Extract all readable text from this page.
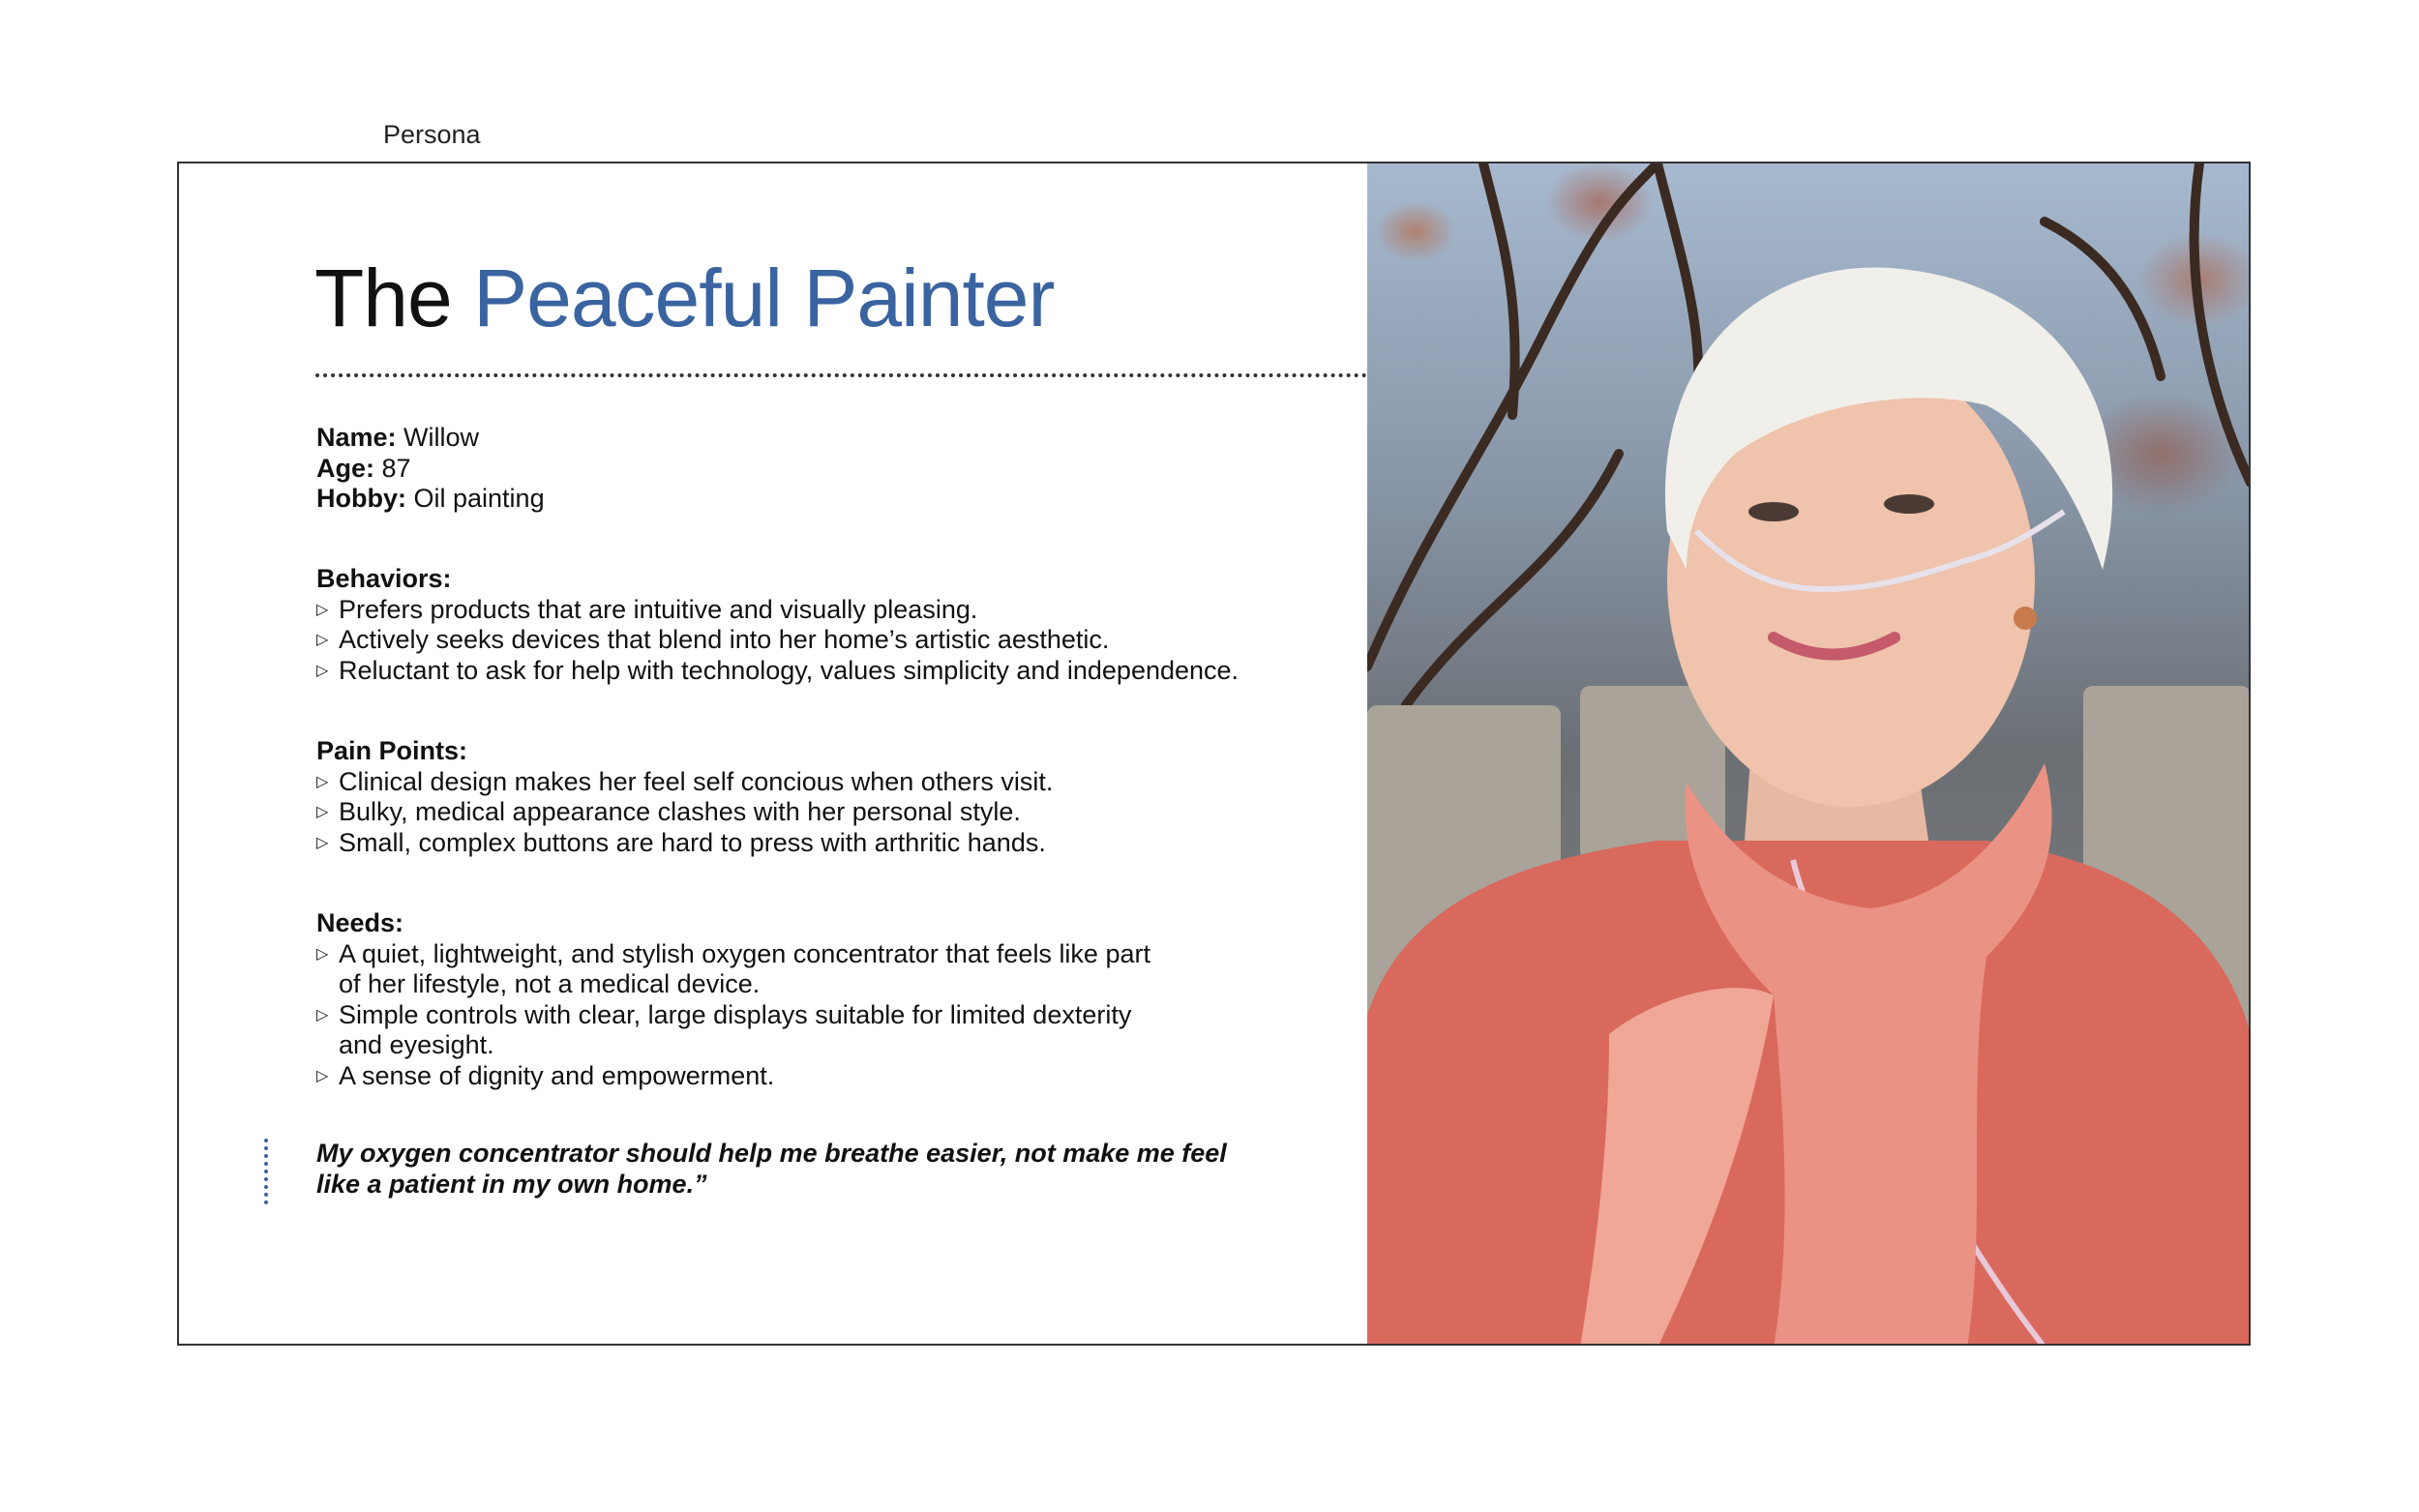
Persona
The Peaceful Painter
Name: Willow
Age: 87
Hobby: Oil painting
Behaviors:
▷ Prefers products that are intuitive and visually pleasing.
▷ Actively seeks devices that blend into her home’s artistic aesthetic.
▷ Reluctant to ask for help with technology, values simplicity and independence.
Pain Points:
▷ Clinical design makes her feel self concious when others visit.
▷ Bulky, medical appearance clashes with her personal style.
▷ Small, complex buttons are hard to press with arthritic hands.
Needs:
▷ A quiet, lightweight, and stylish oxygen concentrator that feels like part of her lifestyle, not a medical device.
▷ Simple controls with clear, large displays suitable for limited dexterity and eyesight.
▷ A sense of dignity and empowerment.
My oxygen concentrator should help me breathe easier, not make me feel like a patient in my own home.”
